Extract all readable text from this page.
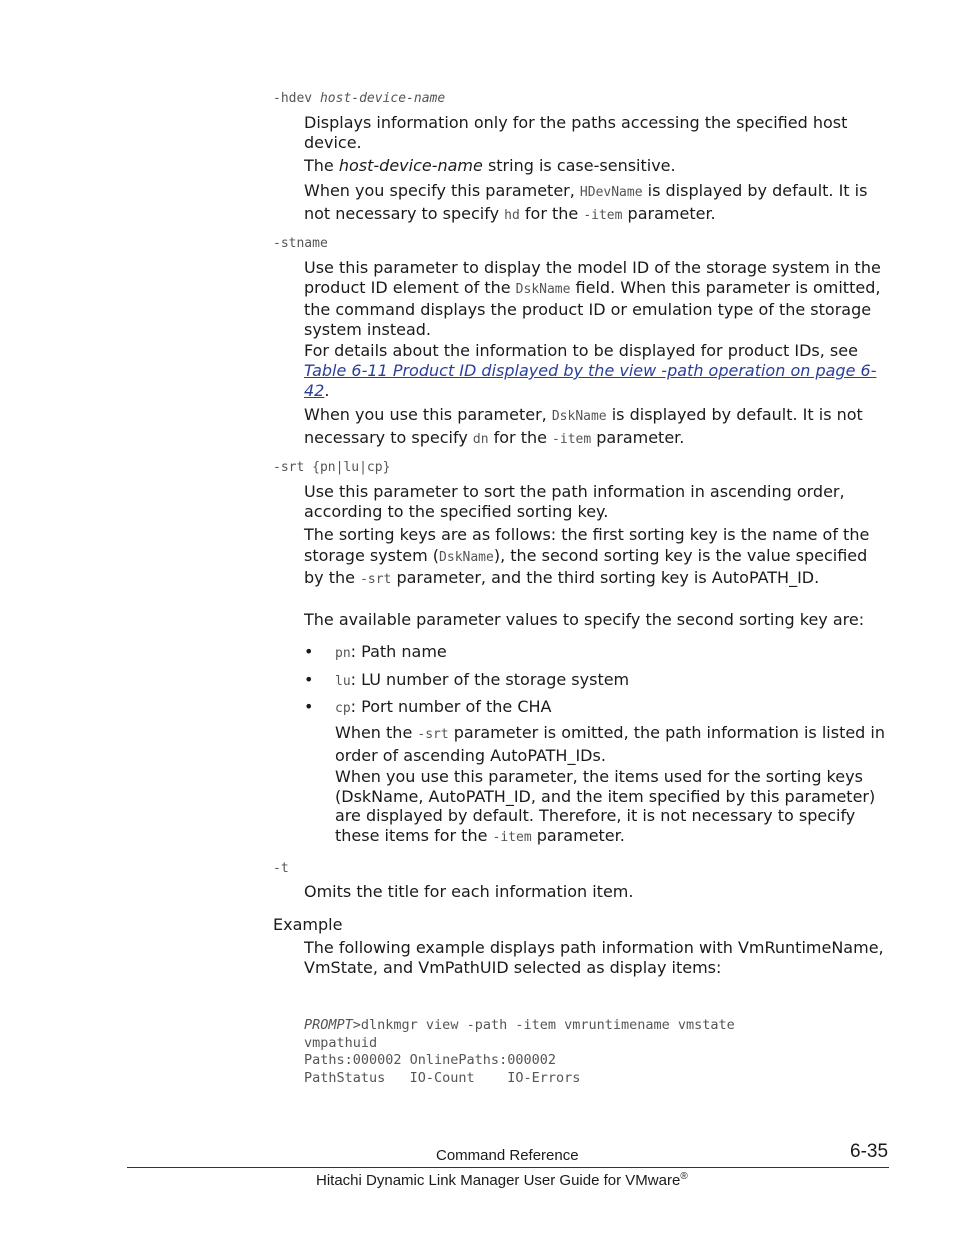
-hdev host-device-name

Displays information only for the paths accessing the specified host device.

The host-device-name string is case-sensitive.

When you specify this parameter, HDevName is displayed by default. It is not necessary to specify hd for the -item parameter.

-stname

Use this parameter to display the model ID of the storage system in the product ID element of the DskName field. When this parameter is omitted, the command displays the product ID or emulation type of the storage system instead.

For details about the information to be displayed for product IDs, see Table 6-11 Product ID displayed by the view -path operation on page 6-42.

When you use this parameter, DskName is displayed by default. It is not necessary to specify dn for the -item parameter.

-srt {pn|lu|cp}

Use this parameter to sort the path information in ascending order, according to the specified sorting key.

The sorting keys are as follows: the first sorting key is the name of the storage system (DskName), the second sorting key is the value specified by the -srt parameter, and the third sorting key is AutoPATH_ID.

The available parameter values to specify the second sorting key are:

• pn: Path name
• lu: LU number of the storage system
• cp: Port number of the CHA

When the -srt parameter is omitted, the path information is listed in order of ascending AutoPATH_IDs.

When you use this parameter, the items used for the sorting keys (DskName, AutoPATH_ID, and the item specified by this parameter) are displayed by default. Therefore, it is not necessary to specify these items for the -item parameter.

-t

Omits the title for each information item.

Example

The following example displays path information with VmRuntimeName, VmState, and VmPathUID selected as display items:

PROMPT>dlnkmgr view -path -item vmruntimename vmstate
vmpathuid
Paths:000002 OnlinePaths:000002
PathStatus   IO-Count    IO-Errors
Command Reference	6-35
Hitachi Dynamic Link Manager User Guide for VMware®
